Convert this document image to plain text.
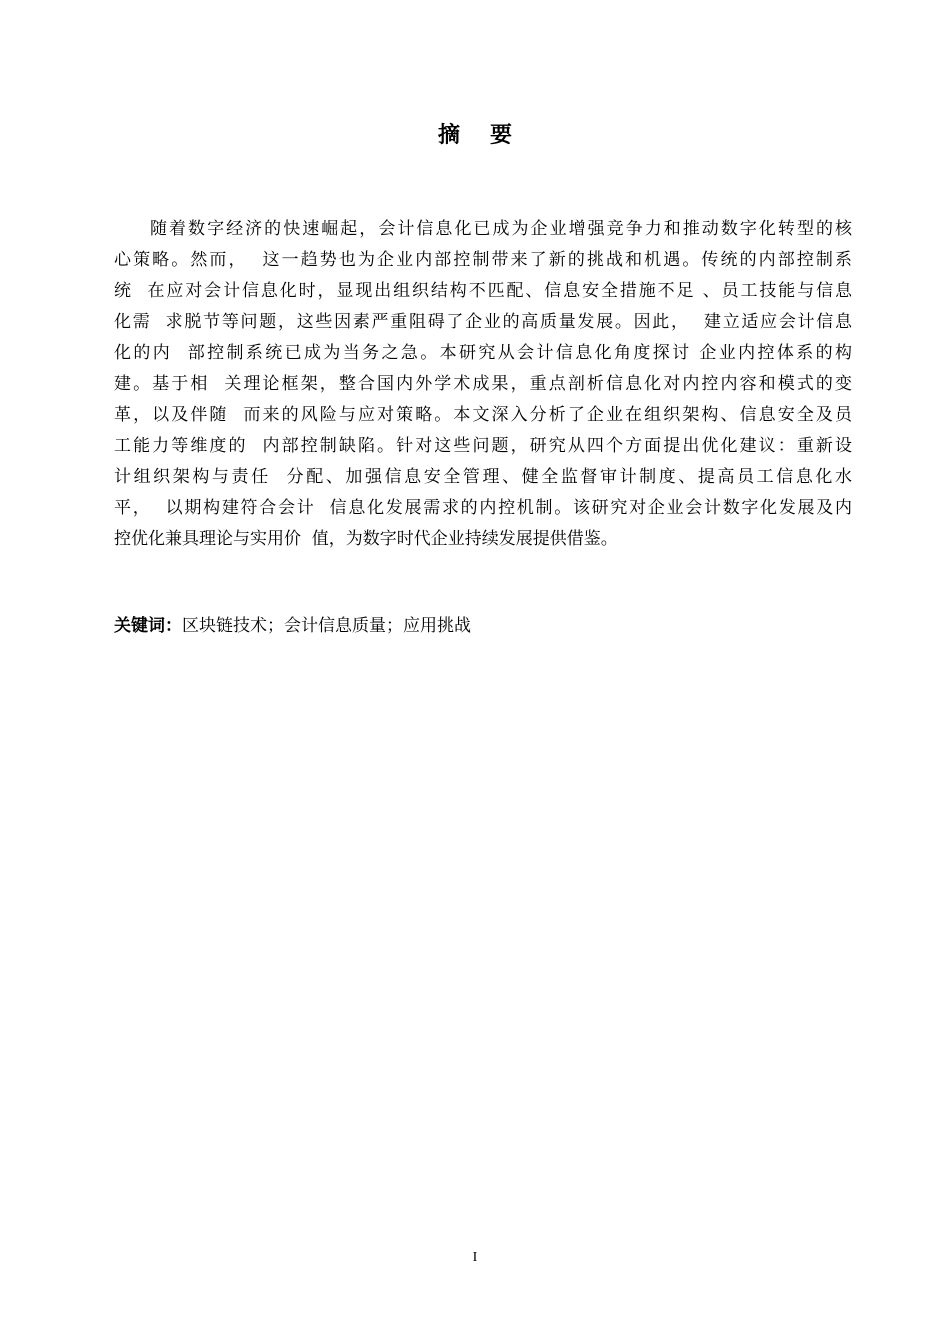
摘 要
随着数字经济的快速崛起，会计信息化已成为企业增强竞争力和推动数字化转型的核
心策略。然而，  这一趋势也为企业内部控制带来了新的挑战和机遇。传统的内部控制系
统  在应对会计信息化时，显现出组织结构不匹配、信息安全措施不足 、员工技能与信息
化需  求脱节等问题，这些因素严重阻碍了企业的高质量发展。因此，  建立适应会计信息
化的内  部控制系统已成为当务之急。本研究从会计信息化角度探讨 企业内控体系的构
建。基于相  关理论框架，整合国内外学术成果，重点剖析信息化对内控内容和模式的变
革，以及伴随  而来的风险与应对策略。本文深入分析了企业在组织架构、信息安全及员
工能力等维度的  内部控制缺陷。针对这些问题，研究从四个方面提出优化建议：重新设
计组织架构与责任  分配、加强信息安全管理、健全监督审计制度、提高员工信息化水
平，  以期构建符合会计  信息化发展需求的内控机制。该研究对企业会计数字化发展及内
控优化兼具理论与实用价  值，为数字时代企业持续发展提供借鉴。
关键词：区块链技术；会计信息质量；应用挑战
I
